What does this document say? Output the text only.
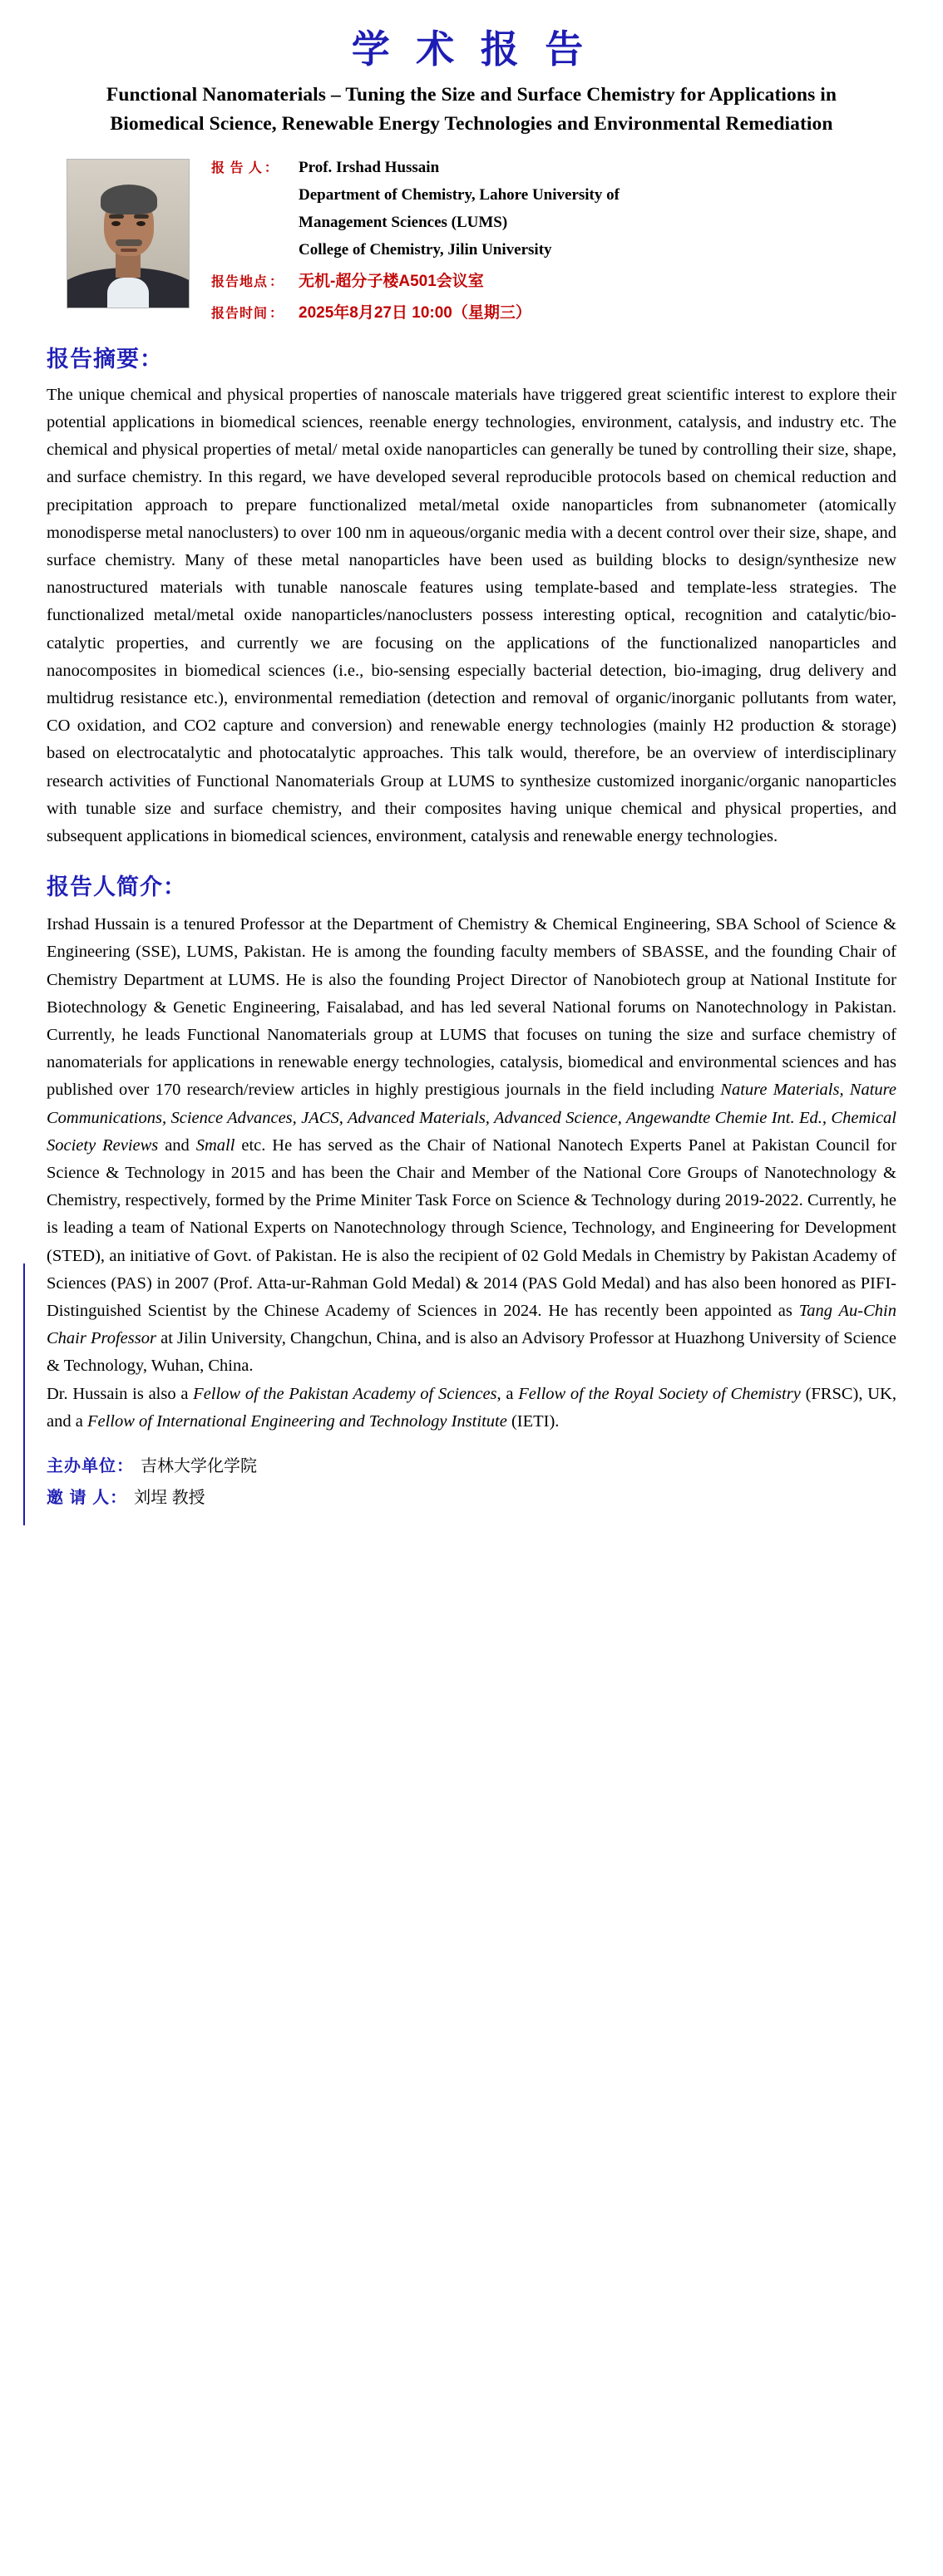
学 术 报 告
Functional Nanomaterials – Tuning the Size and Surface Chemistry for Applications in Biomedical Science, Renewable Energy Technologies and Environmental Remediation
报 告 人 ：	Prof. Irshad Hussain
Department of Chemistry, Lahore University of
Management Sciences (LUMS)
College of Chemistry, Jilin University
报告地点 ： 无机-超分子楼A501会议室
报告时间 ： 2025年8月27日 10:00（星期三）
报告摘要：
The unique chemical and physical properties of nanoscale materials have triggered great scientific interest to explore their potential applications in biomedical sciences, reenable energy technologies, environment, catalysis, and industry etc. The chemical and physical properties of metal/ metal oxide nanoparticles can generally be tuned by controlling their size, shape, and surface chemistry. In this regard, we have developed several reproducible protocols based on chemical reduction and precipitation approach to prepare functionalized metal/metal oxide nanoparticles from subnanometer (atomically monodisperse metal nanoclusters) to over 100 nm in aqueous/organic media with a decent control over their size, shape, and surface chemistry. Many of these metal nanoparticles have been used as building blocks to design/synthesize new nanostructured materials with tunable nanoscale features using template-based and template-less strategies. The functionalized metal/metal oxide nanoparticles/nanoclusters possess interesting optical, recognition and catalytic/bio-catalytic properties, and currently we are focusing on the applications of the functionalized nanoparticles and nanocomposites in biomedical sciences (i.e., bio-sensing especially bacterial detection, bio-imaging, drug delivery and multidrug resistance etc.), environmental remediation (detection and removal of organic/inorganic pollutants from water, CO oxidation, and CO2 capture and conversion) and renewable energy technologies (mainly H2 production & storage) based on electrocatalytic and photocatalytic approaches. This talk would, therefore, be an overview of interdisciplinary research activities of Functional Nanomaterials Group at LUMS to synthesize customized inorganic/organic nanoparticles with tunable size and surface chemistry, and their composites having unique chemical and physical properties, and subsequent applications in biomedical sciences, environment, catalysis and renewable energy technologies.
报告人简介：
Irshad Hussain is a tenured Professor at the Department of Chemistry & Chemical Engineering, SBA School of Science & Engineering (SSE), LUMS, Pakistan. He is among the founding faculty members of SBASSE, and the founding Chair of Chemistry Department at LUMS. He is also the founding Project Director of Nanobiotech group at National Institute for Biotechnology & Genetic Engineering, Faisalabad, and has led several National forums on Nanotechnology in Pakistan. Currently, he leads Functional Nanomaterials group at LUMS that focuses on tuning the size and surface chemistry of nanomaterials for applications in renewable energy technologies, catalysis, biomedical and environmental sciences and has published over 170 research/review articles in highly prestigious journals in the field including Nature Materials, Nature Communications, Science Advances, JACS, Advanced Materials, Advanced Science, Angewandte Chemie Int. Ed., Chemical Society Reviews and Small etc. He has served as the Chair of National Nanotech Experts Panel at Pakistan Council for Science & Technology in 2015 and has been the Chair and Member of the National Core Groups of Nanotechnology & Chemistry, respectively, formed by the Prime Miniter Task Force on Science & Technology during 2019-2022. Currently, he is leading a team of National Experts on Nanotechnology through Science, Technology, and Engineering for Development (STED), an initiative of Govt. of Pakistan. He is also the recipient of 02 Gold Medals in Chemistry by Pakistan Academy of Sciences (PAS) in 2007 (Prof. Atta-ur-Rahman Gold Medal) & 2014 (PAS Gold Medal) and has also been honored as PIFI-Distinguished Scientist by the Chinese Academy of Sciences in 2024. He has recently been appointed as Tang Au-Chin Chair Professor at Jilin University, Changchun, China, and is also an Advisory Professor at Huazhong University of Science & Technology, Wuhan, China.
Dr. Hussain is also a Fellow of the Pakistan Academy of Sciences, a Fellow of the Royal Society of Chemistry (FRSC), UK, and a Fellow of International Engineering and Technology Institute (IETI).
主办单位： 吉林大学化学院
邀 请 人： 刘埕 教授
